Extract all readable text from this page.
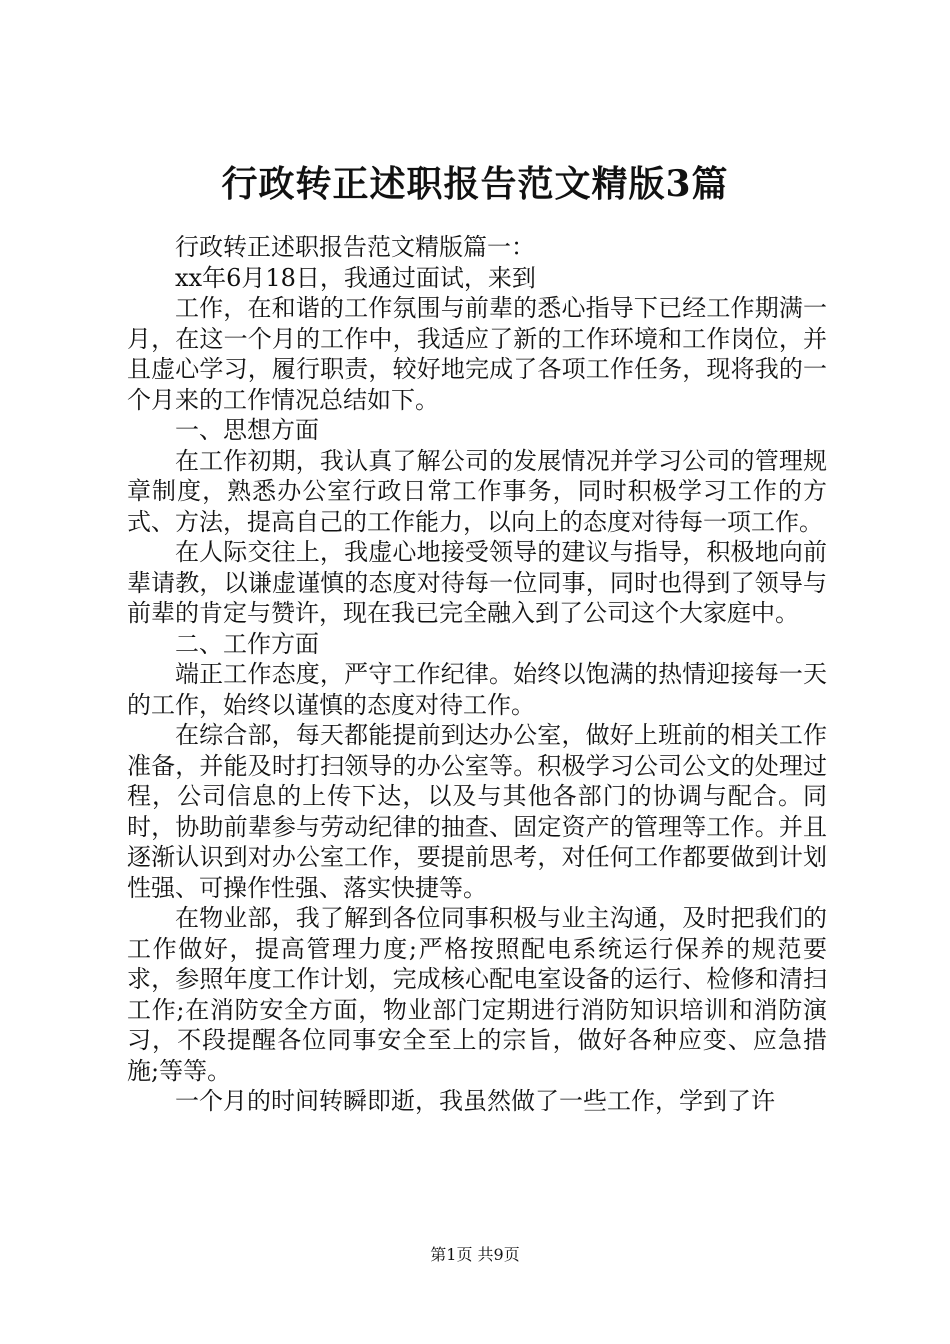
行政转正述职报告范文精版3篇

行政转正述职报告范文精版篇一：

xx年6月18日，我通过面试，来到

工作，在和谐的工作氛围与前辈的悉心指导下已经工作期满一月，在这一个月的工作中，我适应了新的工作环境和工作岗位，并且虚心学习，履行职责，较好地完成了各项工作任务，现将我的一个月来的工作情况总结如下。

一、思想方面

在工作初期，我认真了解公司的发展情况并学习公司的管理规章制度，熟悉办公室行政日常工作事务，同时积极学习工作的方式、方法，提高自己的工作能力，以向上的态度对待每一项工作。

在人际交往上，我虚心地接受领导的建议与指导，积极地向前辈请教，以谦虚谨慎的态度对待每一位同事，同时也得到了领导与前辈的肯定与赞许，现在我已完全融入到了公司这个大家庭中。

二、工作方面

端正工作态度，严守工作纪律。始终以饱满的热情迎接每一天的工作，始终以谨慎的态度对待工作。

在综合部，每天都能提前到达办公室，做好上班前的相关工作准备，并能及时打扫领导的办公室等。积极学习公司公文的处理过程，公司信息的上传下达，以及与其他各部门的协调与配合。同时，协助前辈参与劳动纪律的抽查、固定资产的管理等工作。并且逐渐认识到对办公室工作，要提前思考，对任何工作都要做到计划性强、可操作性强、落实快捷等。

在物业部，我了解到各位同事积极与业主沟通，及时把我们的工作做好，提高管理力度;严格按照配电系统运行保养的规范要求，参照年度工作计划，完成核心配电室设备的运行、检修和清扫工作;在消防安全方面，物业部门定期进行消防知识培训和消防演习，不段提醒各位同事安全至上的宗旨，做好各种应变、应急措施;等等。

一个月的时间转瞬即逝，我虽然做了一些工作，学到了许

第1页 共9页
